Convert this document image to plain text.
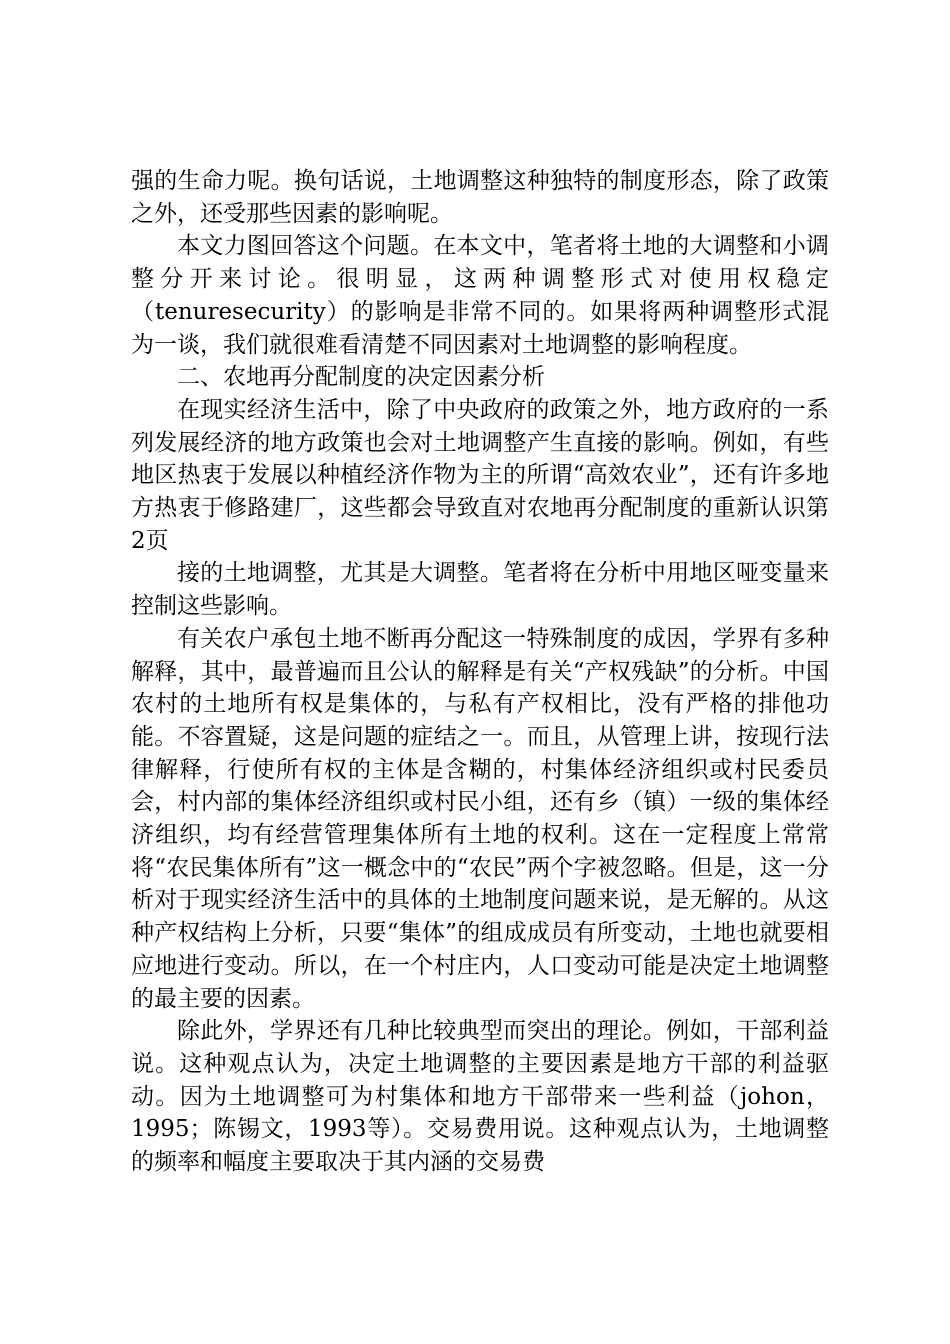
强的生命力呢。换句话说，土地调整这种独特的制度形态，除了政策之外，还受那些因素的影响呢。

本文力图回答这个问题。在本文中，笔者将土地的大调整和小调整分开来讨论。很明显，这两种调整形式对使用权稳定（tenuresecurity）的影响是非常不同的。如果将两种调整形式混为一谈，我们就很难看清楚不同因素对土地调整的影响程度。

二、农地再分配制度的决定因素分析

在现实经济生活中，除了中央政府的政策之外，地方政府的一系列发展经济的地方政策也会对土地调整产生直接的影响。例如，有些地区热衷于发展以种植经济作物为主的所谓“高效农业”，还有许多地方热衷于修路建厂，这些都会导致直对农地再分配制度的重新认识第2页

接的土地调整，尤其是大调整。笔者将在分析中用地区哑变量来控制这些影响。

有关农户承包土地不断再分配这一特殊制度的成因，学界有多种解释，其中，最普遍而且公认的解释是有关“产权残缺”的分析。中国农村的土地所有权是集体的，与私有产权相比，没有严格的排他功能。不容置疑，这是问题的症结之一。而且，从管理上讲，按现行法律解释，行使所有权的主体是含糊的，村集体经济组织或村民委员会，村内部的集体经济组织或村民小组，还有乡（镇）一级的集体经济组织，均有经营管理集体所有土地的权利。这在一定程度上常常将“农民集体所有”这一概念中的“农民”两个字被忽略。但是，这一分析对于现实经济生活中的具体的土地制度问题来说，是无解的。从这种产权结构上分析，只要“集体”的组成成员有所变动，土地也就要相应地进行变动。所以，在一个村庄内，人口变动可能是决定土地调整的最主要的因素。

除此外，学界还有几种比较典型而突出的理论。例如，干部利益说。这种观点认为，决定土地调整的主要因素是地方干部的利益驱动。因为土地调整可为村集体和地方干部带来一些利益（johon，1995；陈锡文，1993等）。交易费用说。这种观点认为，土地调整的频率和幅度主要取决于其内涵的交易费
